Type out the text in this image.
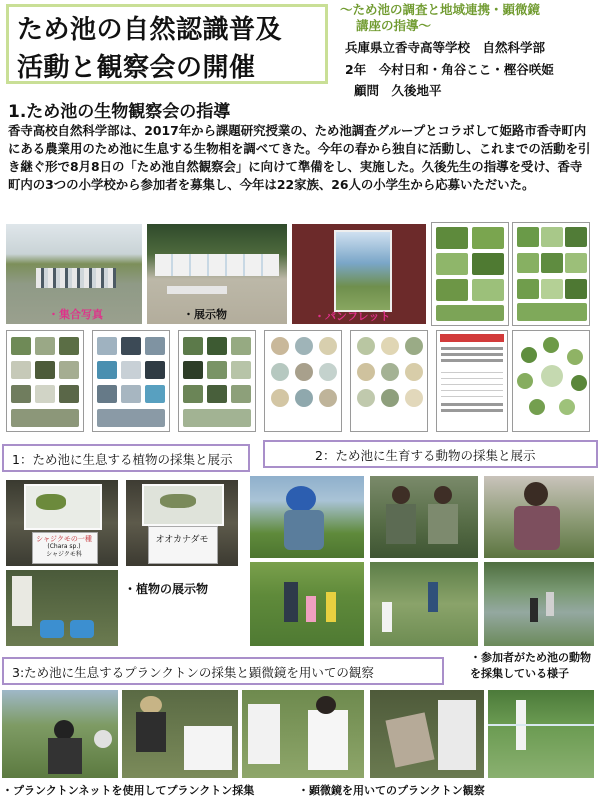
ため池の自然認識普及
活動と観察会の開催
～ため池の調査と地域連携・顕微鏡
講座の指導～
兵庫県立香寺高等学校　自然科学部
2年　今村日和・角谷ここ・樫谷咲姫
顧問　久後地平
1.ため池の生物観察会の指導
香寺高校自然科学部は、2017年から課題研究授業の、ため池調査グループとコラボして姫路市香寺町内にある農業用のため池に生息する生物相を調べてきた。今年の春から独自に活動し、これまでの活動を引き継ぐ形で8月8日の「ため池自然観察会」に向けて準備をし、実施した。久後先生の指導を受け、香寺町内の3つの小学校から参加者を募集し、今年は22家族、26人の小学生から応募いただいた。
・集合写真	・展示物	・パンフレット
1：ため池に生息する植物の採集と展示	2：ため池に生育する動物の採集と展示
シャジクモの一種
(Chara sp.)
シャジクモ科
オオカナダモ
・植物の展示物
・参加者がため池の動物を採集している様子
3:ため池に生息するプランクトンの採集と顕微鏡を用いての観察
・プランクトンネットを使用してプランクトン採集	・顕微鏡を用いてのプランクトン観察
